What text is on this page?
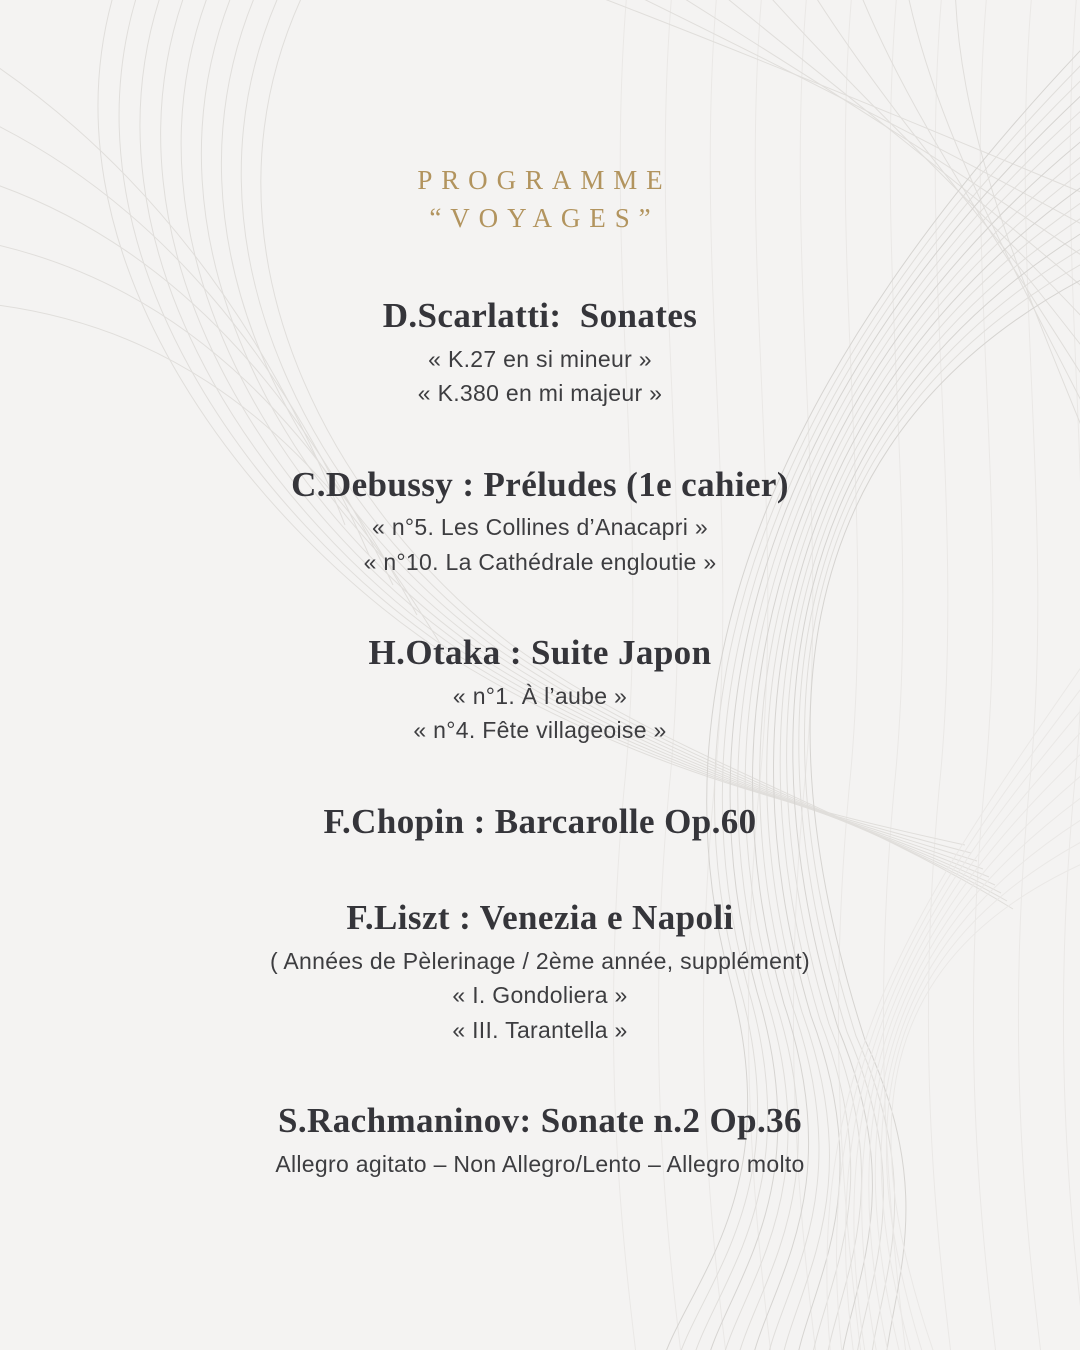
PROGRAMME
“VOYAGES”
D.Scarlatti:  Sonates

« K.27 en si mineur »

« K.380 en mi majeur »

C.Debussy : Préludes (1e cahier)

« n°5. Les Collines d’Anacapri »

« n°10. La Cathédrale engloutie »

H.Otaka : Suite Japon

« n°1. À l’aube »

« n°4. Fête villageoise »

F.Chopin : Barcarolle Op.60
F.Liszt : Venezia e Napoli

( Années de Pèlerinage / 2ème année, supplément)

« I. Gondoliera »

« III. Tarantella »

S.Rachmaninov: Sonate n.2 Op.36

Allegro agitato – Non Allegro/Lento – Allegro molto
